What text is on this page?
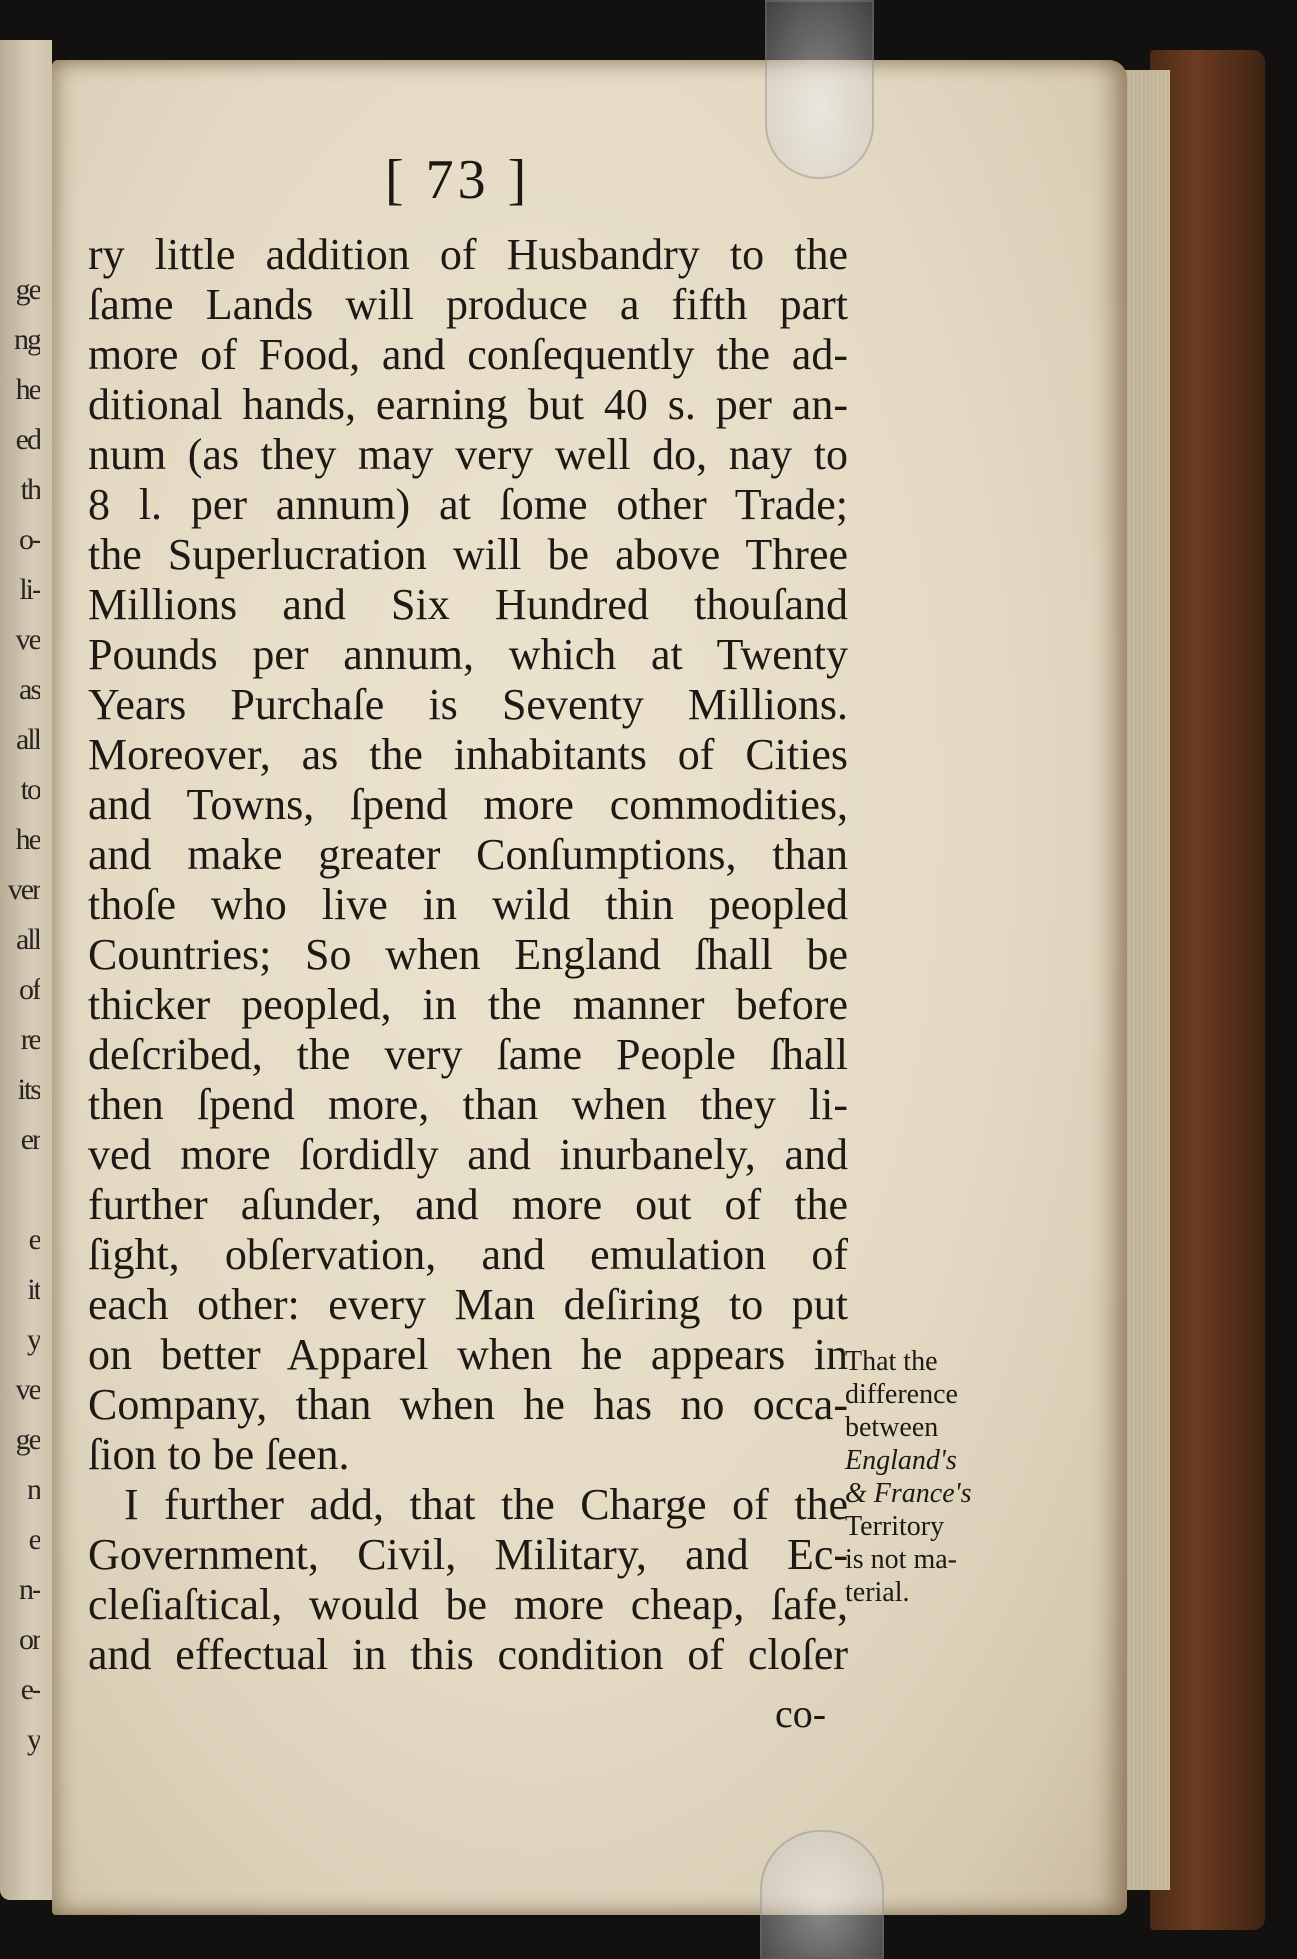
ge
ng
he
ed
th
o-
li-
ve
as
all
to
he
ver
all
of
re
its
er
e
it
y
ve
ge
n
e
n-
or
e-
y
[ 73 ]
ry little addition of Husbandry to the
ſame Lands will produce a fifth part
more of Food, and conſequently the ad-
ditional hands, earning but 40 s. per an-
num (as they may very well do, nay to
8 l. per annum) at ſome other Trade;
the Superlucration will be above Three
Millions and Six Hundred thouſand
Pounds per annum, which at Twenty
Years Purchaſe is Seventy Millions.
Moreover, as the inhabitants of Cities
and Towns, ſpend more commodities,
and make greater Conſumptions, than
thoſe who live in wild thin peopled
Countries; So when England ſhall be
thicker peopled, in the manner before
deſcribed, the very ſame People ſhall
then ſpend more, than when they li-
ved more ſordidly and inurbanely, and
further aſunder, and more out of the
ſight, obſervation, and emulation of
each other: every Man deſiring to put
on better Apparel when he appears in
Company, than when he has no occa-
ſion to be ſeen.
I further add, that the Charge of the
Government, Civil, Military, and Ec-
cleſiaſtical, would be more cheap, ſafe,
and effectual in this condition of cloſer
co-
That the
difference
between
England's
& France's
Territory
is not ma-
terial.
